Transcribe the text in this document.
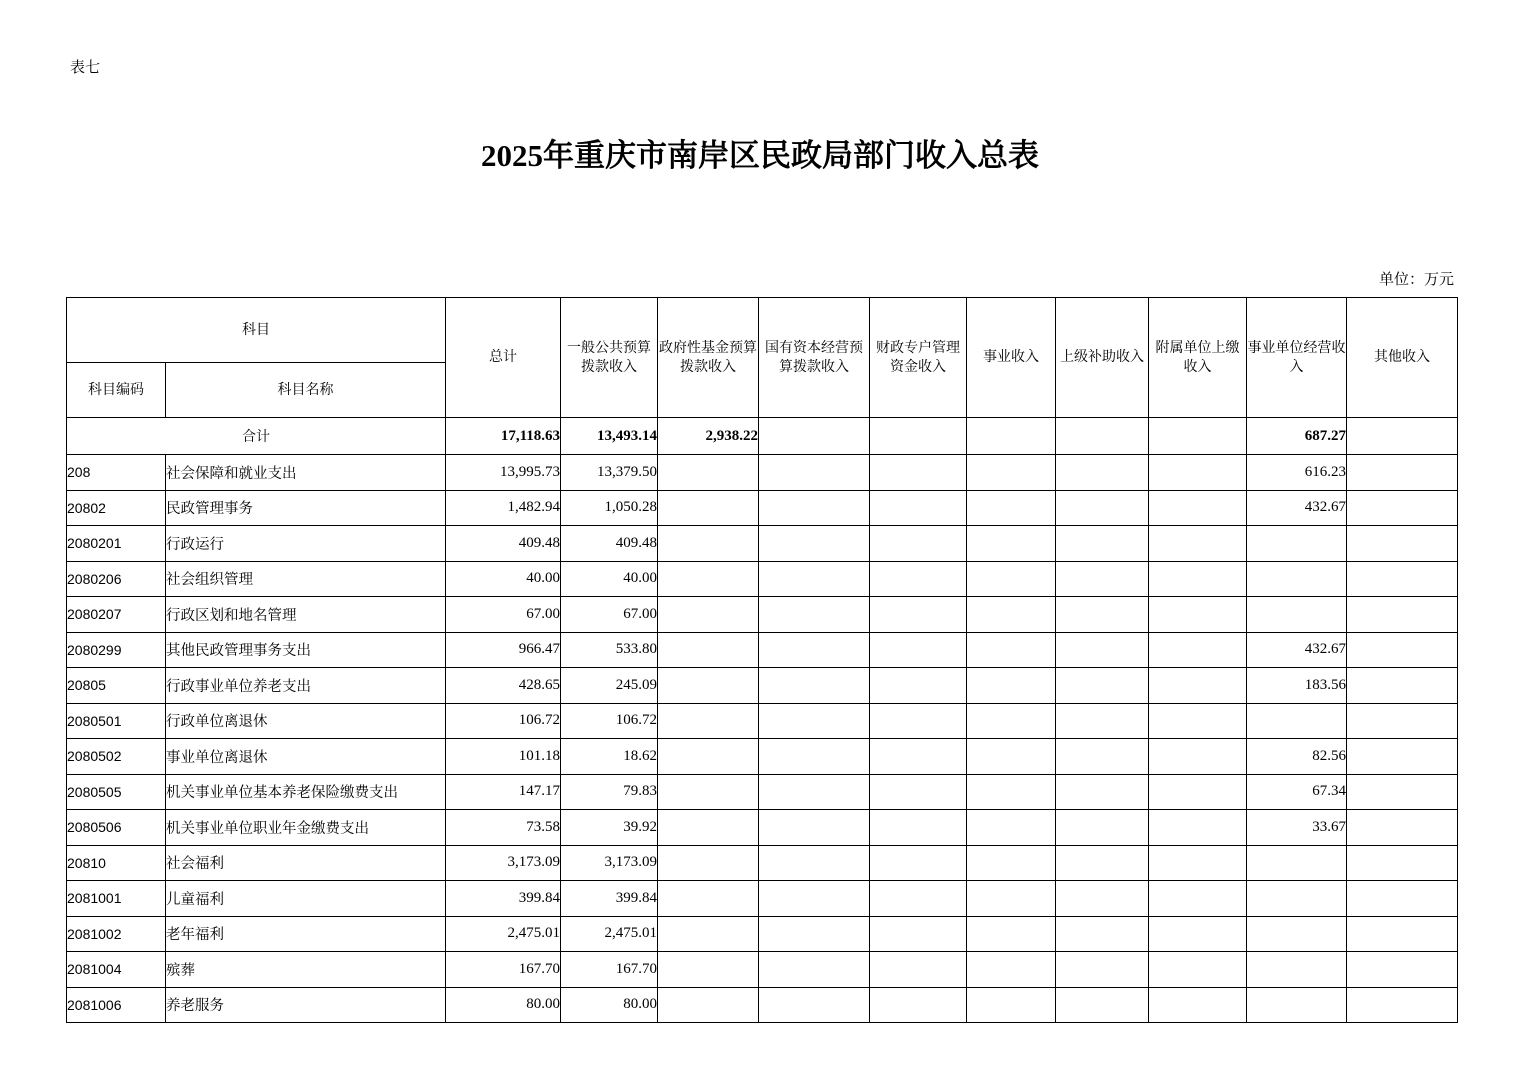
表七
2025年重庆市南岸区民政局部门收入总表
单位：万元
科目		总计	一般公共预算拨款收入	政府性基金预算拨款收入	国有资本经营预算拨款收入	财政专户管理资金收入	事业收入	上级补助收入	附属单位上缴收入	事业单位经营收入	其他收入
科目编码	科目名称										
合计		17,118.63	13,493.14	2,938.22						687.27	
208	社会保障和就业支出	13,995.73	13,379.50							616.23	
20802	民政管理事务	1,482.94	1,050.28							432.67	
2080201	行政运行	409.48	409.48								
2080206	社会组织管理	40.00	40.00								
2080207	行政区划和地名管理	67.00	67.00								
2080299	其他民政管理事务支出	966.47	533.80							432.67	
20805	行政事业单位养老支出	428.65	245.09							183.56	
2080501	行政单位离退休	106.72	106.72								
2080502	事业单位离退休	101.18	18.62							82.56	
2080505	机关事业单位基本养老保险缴费支出	147.17	79.83							67.34	
2080506	机关事业单位职业年金缴费支出	73.58	39.92							33.67	
20810	社会福利	3,173.09	3,173.09								
2081001	儿童福利	399.84	399.84								
2081002	老年福利	2,475.01	2,475.01								
2081004	殡葬	167.70	167.70								
2081006	养老服务	80.00	80.00								
